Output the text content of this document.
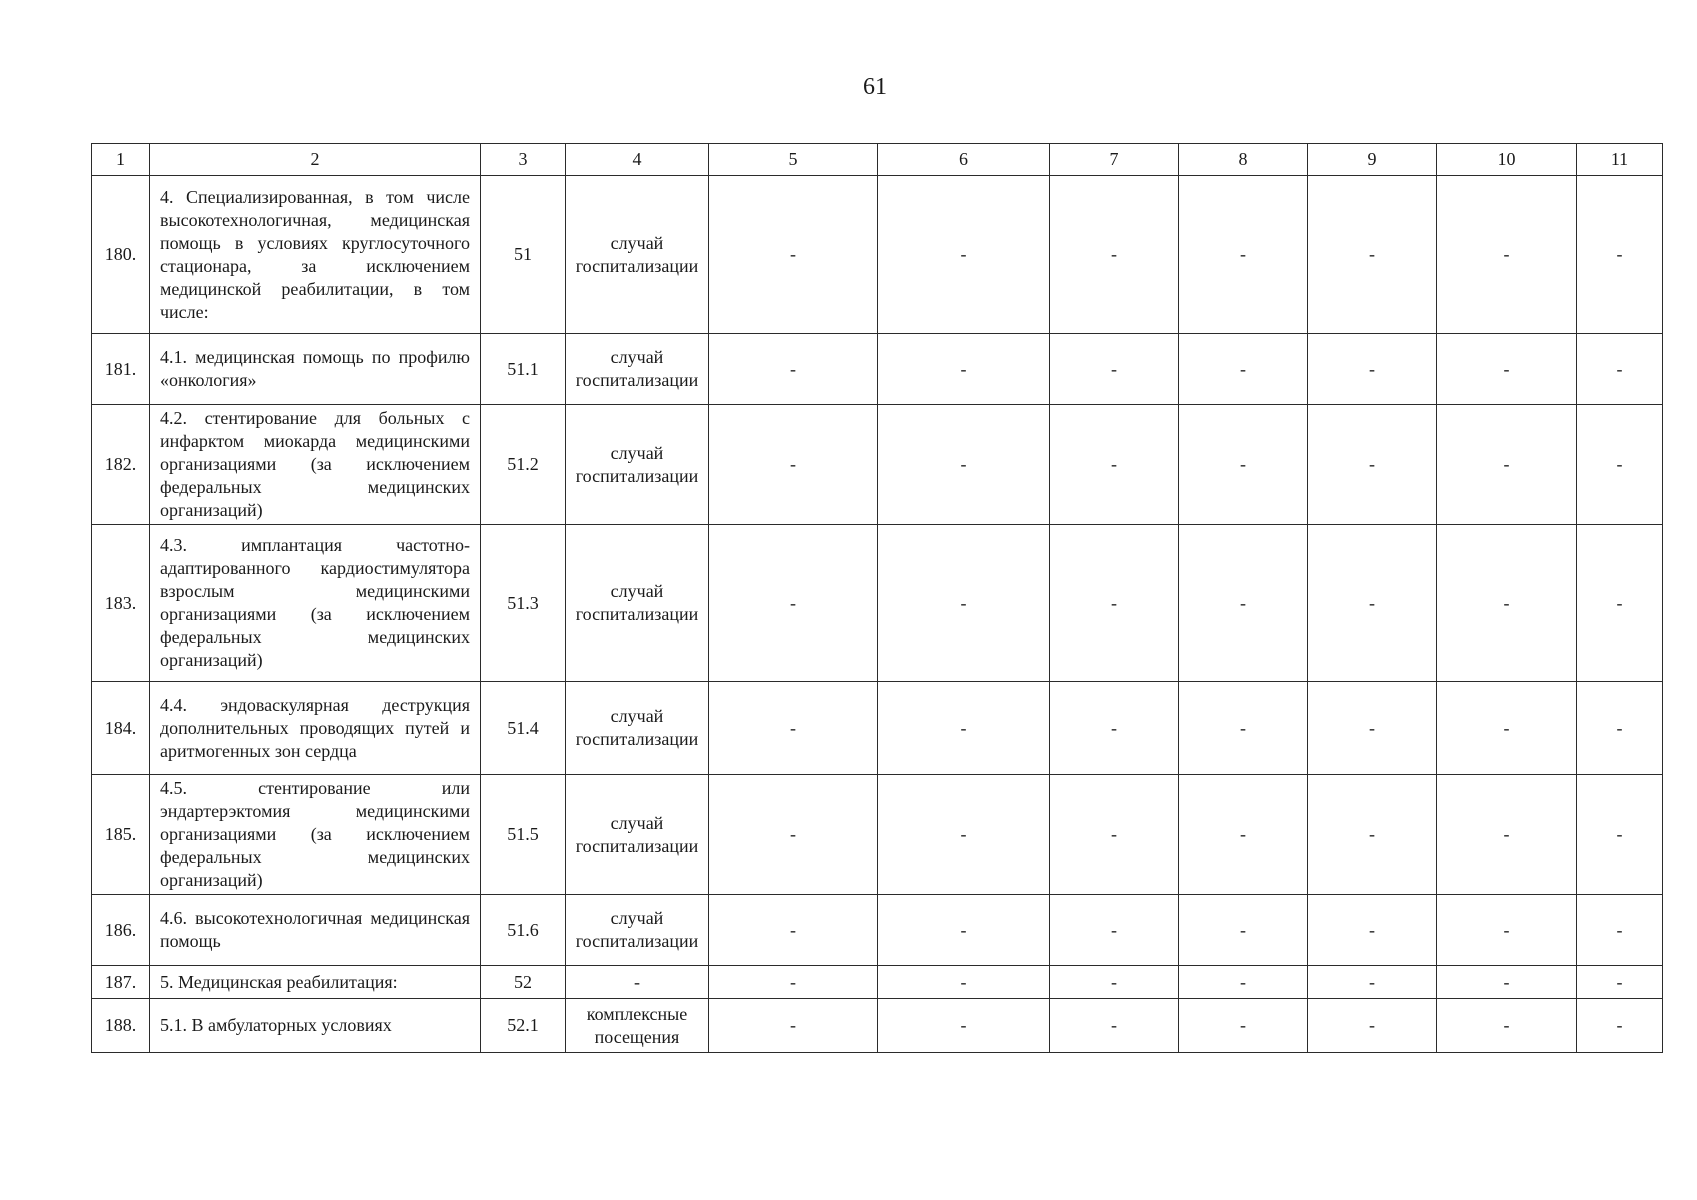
61
1	2	3	4	5	6	7	8	9	10	11
180.	4. Специализированная, в том числе высокотехнологичная, медицинская помощь в условиях круглосуточного стационара, за исключением медицинской реабилитации, в том числе:	51	случай госпитализации	-	-	-	-	-	-	-
181.	4.1. медицинская помощь по профилю «онкология»	51.1	случай госпитализации	-	-	-	-	-	-	-
182.	4.2. стентирование для больных с инфарктом миокарда медицинскими организациями (за исключением федеральных медицинских организаций)	51.2	случай госпитализации	-	-	-	-	-	-	-
183.	4.3. имплантация частотно-адаптированного кардиостимулятора взрослым медицинскими организациями (за исключением федеральных медицинских организаций)	51.3	случай госпитализации	-	-	-	-	-	-	-
184.	4.4. эндоваскулярная деструкция дополнительных проводящих путей и аритмогенных зон сердца	51.4	случай госпитализации	-	-	-	-	-	-	-
185.	4.5. стентирование или эндартерэктомия медицинскими организациями (за исключением федеральных медицинских организаций)	51.5	случай госпитализации	-	-	-	-	-	-	-
186.	4.6. высокотехнологичная медицинская помощь	51.6	случай госпитализации	-	-	-	-	-	-	-
187.	5. Медицинская реабилитация:	52	-	-	-	-	-	-	-	-
188.	5.1. В амбулаторных условиях	52.1	комплексные посещения	-	-	-	-	-	-	-
